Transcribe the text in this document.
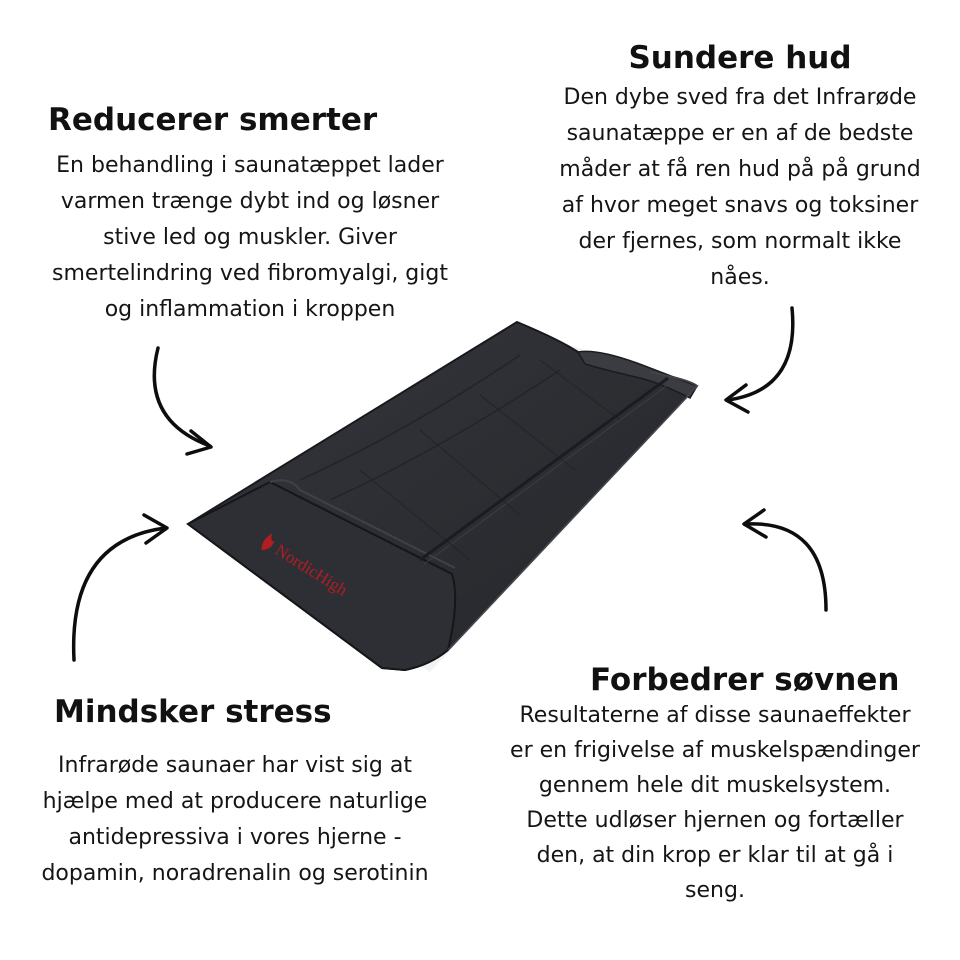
NordicHigh
Reducerer smerter

En behandling i saunatæppet lader
varmen trænge dybt ind og løsner
stive led og muskler. Giver
smertelindring ved fibromyalgi, gigt
og inflammation i kroppen

Sundere hud

Den dybe sved fra det Infrarøde
saunatæppe er en af de bedste
måder at få ren hud på på grund
af hvor meget snavs og toksiner
der fjernes, som normalt ikke
nåes.

Mindsker stress

Infrarøde saunaer har vist sig at
hjælpe med at producere naturlige
antidepressiva i vores hjerne -
dopamin, noradrenalin og serotinin

Forbedrer søvnen

Resultaterne af disse saunaeffekter
er en frigivelse af muskelspændinger
gennem hele dit muskelsystem.
Dette udløser hjernen og fortæller
den, at din krop er klar til at gå i
seng.
